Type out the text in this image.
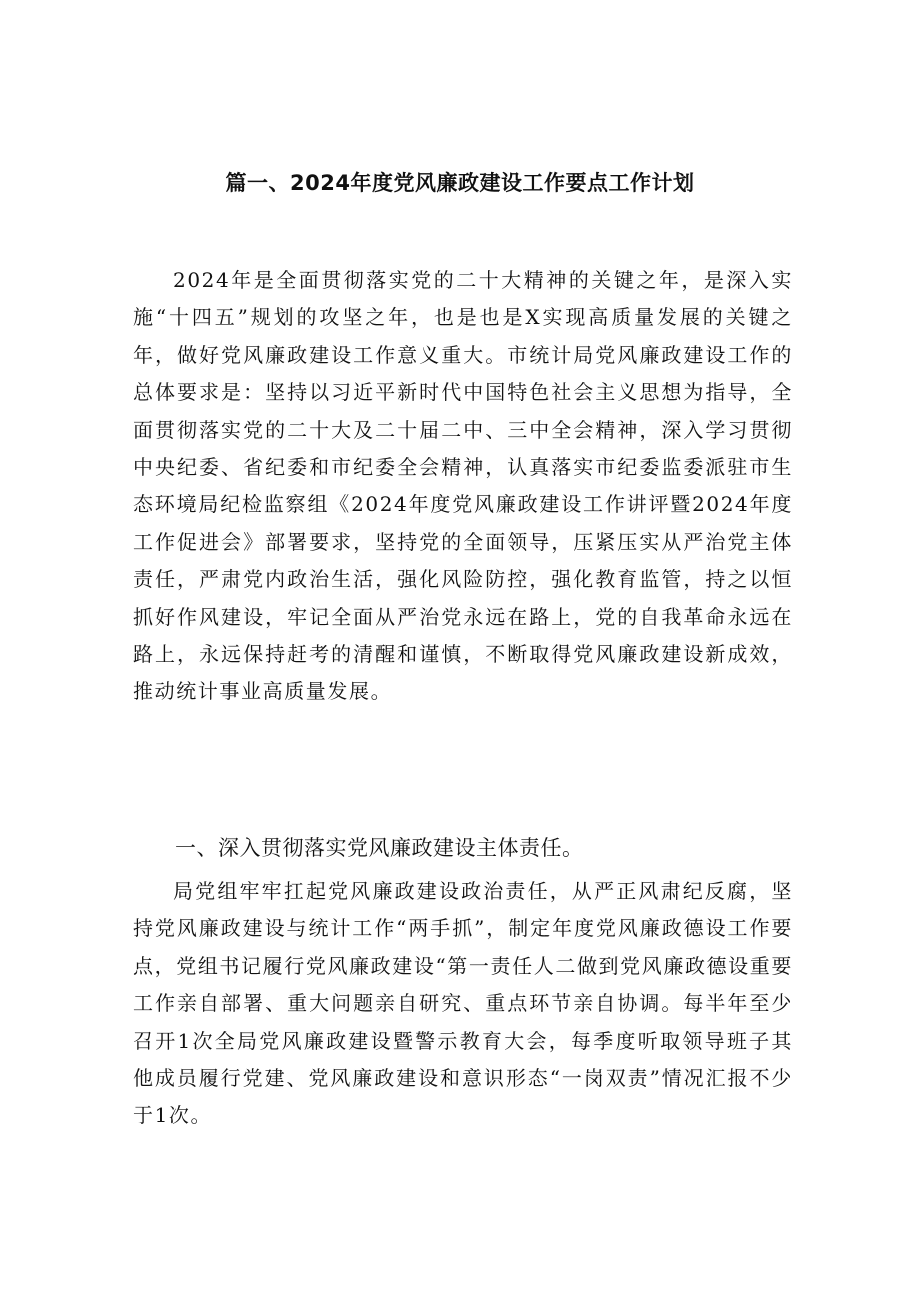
篇一、2024年度党风廉政建设工作要点工作计划
2024年是全面贯彻落实党的二十大精神的关键之年，是深入实施“十四五”规划的攻坚之年，也是也是X实现高质量发展的关键之年，做好党风廉政建设工作意义重大。市统计局党风廉政建设工作的总体要求是：坚持以习近平新时代中国特色社会主义思想为指导，全面贯彻落实党的二十大及二十届二中、三中全会精神，深入学习贯彻中央纪委、省纪委和市纪委全会精神，认真落实市纪委监委派驻市生态环境局纪检监察组《2024年度党风廉政建设工作讲评暨2024年度工作促进会》部署要求，坚持党的全面领导，压紧压实从严治党主体责任，严肃党内政治生活，强化风险防控，强化教育监管，持之以恒抓好作风建设，牢记全面从严治党永远在路上，党的自我革命永远在路上，永远保持赶考的清醒和谨慎，不断取得党风廉政建设新成效，推动统计事业高质量发展。
一、深入贯彻落实党风廉政建设主体责任。
局党组牢牢扛起党风廉政建设政治责任，从严正风肃纪反腐，坚持党风廉政建设与统计工作“两手抓”，制定年度党风廉政德设工作要点，党组书记履行党风廉政建设“第一责任人二做到党风廉政德设重要工作亲自部署、重大问题亲自研究、重点环节亲自协调。每半年至少召开1次全局党风廉政建设暨警示教育大会，每季度听取领导班子其他成员履行党建、党风廉政建设和意识形态“一岗双责”情况汇报不少于1次。
